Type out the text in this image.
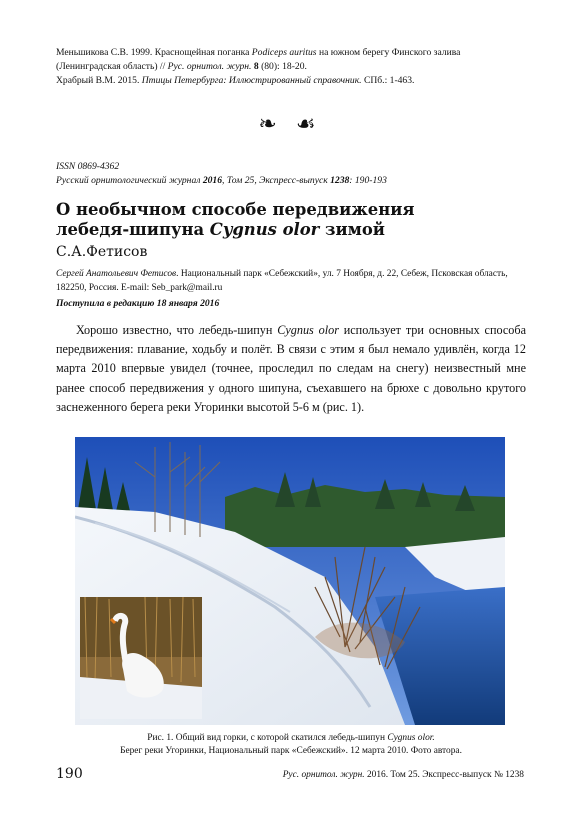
Меньшикова С.В. 1999. Краснощейная поганка Podiceps auritus на южном берегу Финского залива (Ленинградская область) // Рус. орнитол. журн. 8 (80): 18-20.

Храбрый В.М. 2015. Птицы Петербурга: Иллюстрированный справочник. СПб.: 1-463.

❧ ☙
ISSN 0869-4362
Русский орнитологический журнал 2016, Том 25, Экспресс-выпуск 1238: 190-193
О необычном способе передвижения
лебедя-шипуна Cygnus olor зимой
С.А.Фетисов
Сергей Анатольевич Фетисов. Национальный парк «Себежский», ул. 7 Ноября, д. 22, Себеж, Псковская область, 182250, Россия. E-mail: Seb_park@mail.ru
Поступила в редакцию 18 января 2016

Хорошо известно, что лебедь-шипун Cygnus olor использует три основных способа передвижения: плавание, ходьбу и полёт. В связи с этим я был немало удивлён, когда 12 марта 2010 впервые увидел (точнее, проследил по следам на снегу) неизвестный мне ранее способ передвижения у одного шипуна, съехавшего на брюхе с довольно крутого заснеженного берега реки Угоринки высотой 5-6 м (рис. 1).

Рис. 1. Общий вид горки, с которой скатился лебедь-шипун Cygnus olor.
Берег реки Угоринки, Национальный парк «Себежский». 12 марта 2010. Фото автора.
190	Рус. орнитол. журн. 2016. Том 25. Экспресс-выпуск № 1238
